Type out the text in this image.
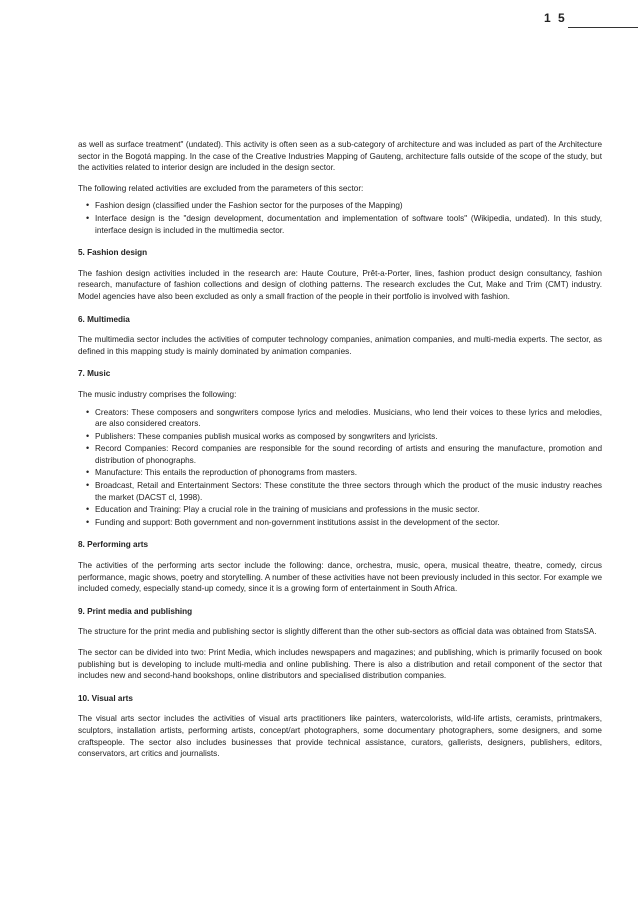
1 5

as well as surface treatment" (undated). This activity is often seen as a sub-category of architecture and was included as part of the Architecture sector in the Bogotá mapping. In the case of the Creative Industries Mapping of Gauteng, architecture falls outside of the scope of the study, but the activities related to interior design are included in the design sector.

The following related activities are excluded from the parameters of this sector:

• Fashion design (classified under the Fashion sector for the purposes of the Mapping)
• Interface design is the "design development, documentation and implementation of software tools" (Wikipedia, undated). In this study, interface design is included in the multimedia sector.
5. Fashion design

The fashion design activities included in the research are: Haute Couture, Prêt-a-Porter, lines, fashion product design consultancy, fashion research, manufacture of fashion collections and design of clothing patterns. The research excludes the Cut, Make and Trim (CMT) industry. Model agencies have also been excluded as only a small fraction of the people in their portfolio is involved with fashion.

6. Multimedia

The multimedia sector includes the activities of computer technology companies, animation companies, and multi-media experts. The sector, as defined in this mapping study is mainly dominated by animation companies.

7. Music

The music industry comprises the following:

• Creators: These composers and songwriters compose lyrics and melodies. Musicians, who lend their voices to these lyrics and melodies, are also considered creators.
• Publishers: These companies publish musical works as composed by songwriters and lyricists.
• Record Companies: Record companies are responsible for the sound recording of artists and ensuring the manufacture, promotion and distribution of phonographs.
• Manufacture: This entails the reproduction of phonograms from masters.
• Broadcast, Retail and Entertainment Sectors: These constitute the three sectors through which the product of the music industry reaches the market (DACST cl, 1998).
• Education and Training: Play a crucial role in the training of musicians and professions in the music sector.
• Funding and support: Both government and non-government institutions assist in the development of the sector.
8. Performing arts

The activities of the performing arts sector include the following: dance, orchestra, music, opera, musical theatre, theatre, comedy, circus performance, magic shows, poetry and storytelling. A number of these activities have not been previously included in this sector. For example we included comedy, especially stand-up comedy, since it is a growing form of entertainment in South Africa.

9. Print media and publishing

The structure for the print media and publishing sector is slightly different than the other sub-sectors as official data was obtained from StatsSA.

The sector can be divided into two: Print Media, which includes newspapers and magazines; and publishing, which is primarily focused on book publishing but is developing to include multi-media and online publishing. There is also a distribution and retail component of the sector that includes new and second-hand bookshops, online distributors and specialised distribution companies.

10. Visual arts

The visual arts sector includes the activities of visual arts practitioners like painters, watercolorists, wild-life artists, ceramists, printmakers, sculptors, installation artists, performing artists, concept/art photographers, some documentary photographers, some designers, and some craftspeople. The sector also includes businesses that provide technical assistance, curators, gallerists, designers, publishers, editors, conservators, art critics and journalists.
